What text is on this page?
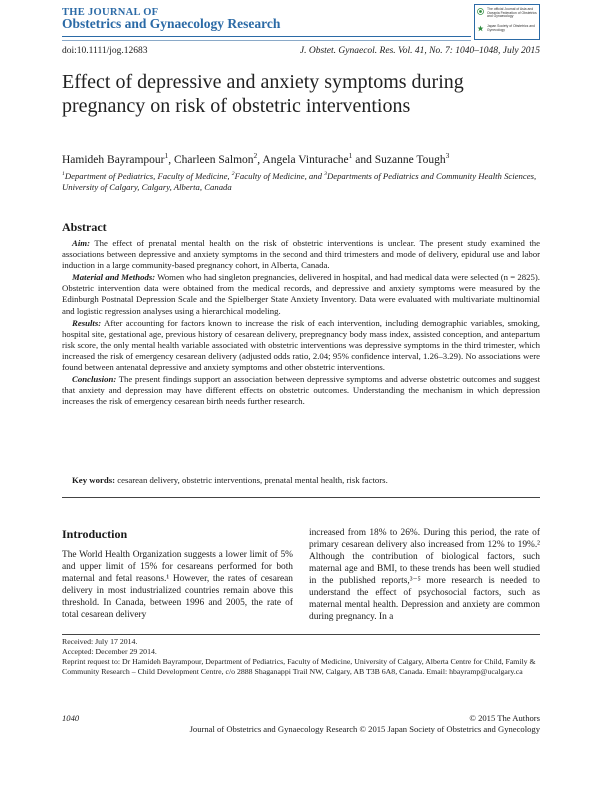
THE JOURNAL OF
Obstetrics and Gynaecology Research
The official Journal of Asia and Oceania Federation of Obstetrics and Gynaecology
Japan Society of Obstetrics and Gynecology
doi:10.1111/jog.12683	J. Obstet. Gynaecol. Res. Vol. 41, No. 7: 1040–1048, July 2015
Effect of depressive and anxiety symptoms during pregnancy on risk of obstetric interventions
Hamideh Bayrampour$^1$, Charleen Salmon$^2$, Angela Vinturache$^1$ and Suzanne Tough$^3$
$^1$Department of Pediatrics, Faculty of Medicine, $^2$Faculty of Medicine, and $^3$Departments of Pediatrics and Community Health Sciences, University of Calgary, Calgary, Alberta, Canada
Abstract

Aim: The effect of prenatal mental health on the risk of obstetric interventions is unclear. The present study examined the associations between depressive and anxiety symptoms in the second and third trimesters and mode of delivery, epidural use and labor induction in a large community-based pregnancy cohort, in Alberta, Canada.

Material and Methods: Women who had singleton pregnancies, delivered in hospital, and had medical data were selected (n = 2825). Obstetric intervention data were obtained from the medical records, and depressive and anxiety symptoms were measured by the Edinburgh Postnatal Depression Scale and the Spielberger State Anxiety Inventory. Data were evaluated with multivariate multinomial and logistic regression analyses using a hierarchical modeling.

Results: After accounting for factors known to increase the risk of each intervention, including demographic variables, smoking, hospital site, gestational age, previous history of cesarean delivery, prepregnancy body mass index, assisted conception, and antepartum risk score, the only mental health variable associated with obstetric interventions was depressive symptoms in the third trimester, which increased the risk of emergency cesarean delivery (adjusted odds ratio, 2.04; 95% confidence interval, 1.26–3.29). No associations were found between antenatal depressive and anxiety symptoms and other obstetric interventions.

Conclusion: The present findings support an association between depressive symptoms and adverse obstetric outcomes and suggest that anxiety and depression may have different effects on obstetric outcomes. Understanding the mechanism in which depression increases the risk of emergency cesarean birth needs further research.

Key words: cesarean delivery, obstetric interventions, prenatal mental health, risk factors.
Introduction
The World Health Organization suggests a lower limit of 5% and upper limit of 15% for cesareans performed for both maternal and fetal reasons.¹ However, the rates of cesarean delivery in most industrialized countries remain above this threshold. In Canada, between 1996 and 2005, the rate of total cesarean delivery
increased from 18% to 26%. During this period, the rate of primary cesarean delivery also increased from 12% to 19%.² Although the contribution of biological factors, such maternal age and BMI, to these trends has been well studied in the published reports,³⁻⁵ more research is needed to understand the effect of psychosocial factors, such as maternal mental health. Depression and anxiety are common during pregnancy. In a
Received: July 17 2014.
Accepted: December 29 2014.
Reprint request to: Dr Hamideh Bayrampour, Department of Pediatrics, Faculty of Medicine, University of Calgary, Alberta Centre for Child, Family & Community Research – Child Development Centre, c/o 2888 Shaganappi Trail NW, Calgary, AB T3B 6A8, Canada. Email: hbayramp@ucalgary.ca
1040	© 2015 The Authors
Journal of Obstetrics and Gynaecology Research © 2015 Japan Society of Obstetrics and Gynecology
